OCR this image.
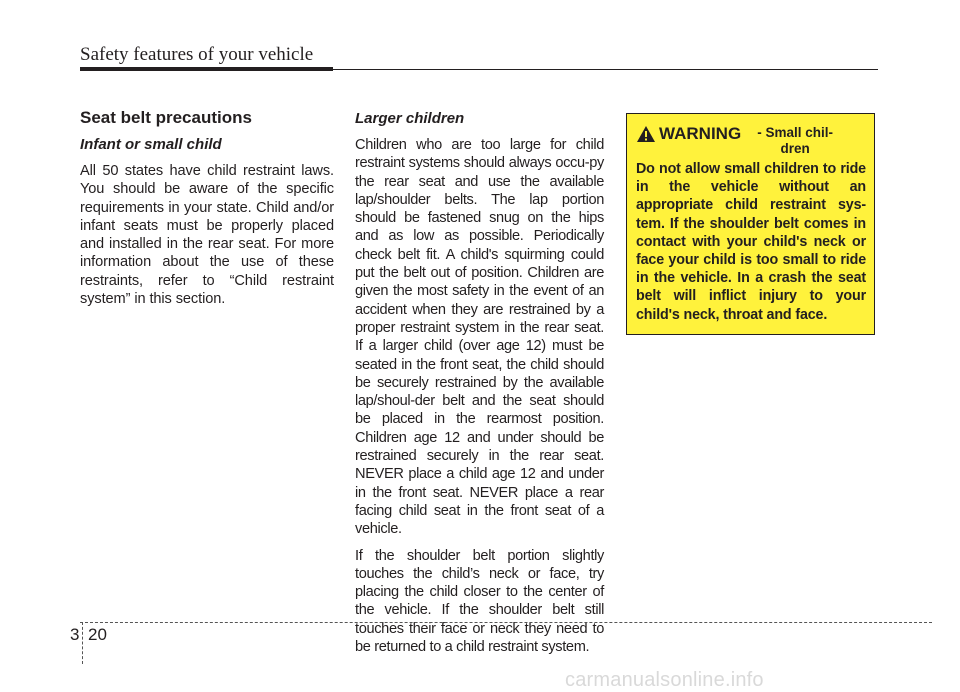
Safety features of your vehicle
Seat belt precautions
Infant or small child

All 50 states have child restraint laws. You should be aware of the specific requirements in your state. Child and/or infant seats must be properly placed and installed in the rear seat. For more information about the use of these restraints, refer to “Child restraint system” in this section.

Larger children

Children who are too large for child restraint systems should always occu-py the rear seat and use the available lap/shoulder belts. The lap portion should be fastened snug on the hips and as low as possible. Periodically check belt fit. A child's squirming could put the belt out of position. Children are given the most safety in the event of an accident when they are restrained by a proper restraint system in the rear seat. If a larger child (over age 12) must be seated in the front seat, the child should be securely restrained by the available lap/shoul-der belt and the seat should be placed in the rearmost position. Children age 12 and under should be restrained securely in the rear seat. NEVER place a child age 12 and under in the front seat. NEVER place a rear facing child seat in the front seat of a vehicle.

If the shoulder belt portion slightly touches the child’s neck or face, try placing the child closer to the center of the vehicle. If the shoulder belt still touches their face or neck they need to be returned to a child restraint system.

WARNING	- Small chil-dren
Do not allow small children to ride in the vehicle without an appropriate child restraint sys-tem. If the shoulder belt comes in contact with your child's neck or face your child is too small to ride in the vehicle. In a crash the seat belt will inflict injury to your child's neck, throat and face.
3 20
carmanualsonline.info
